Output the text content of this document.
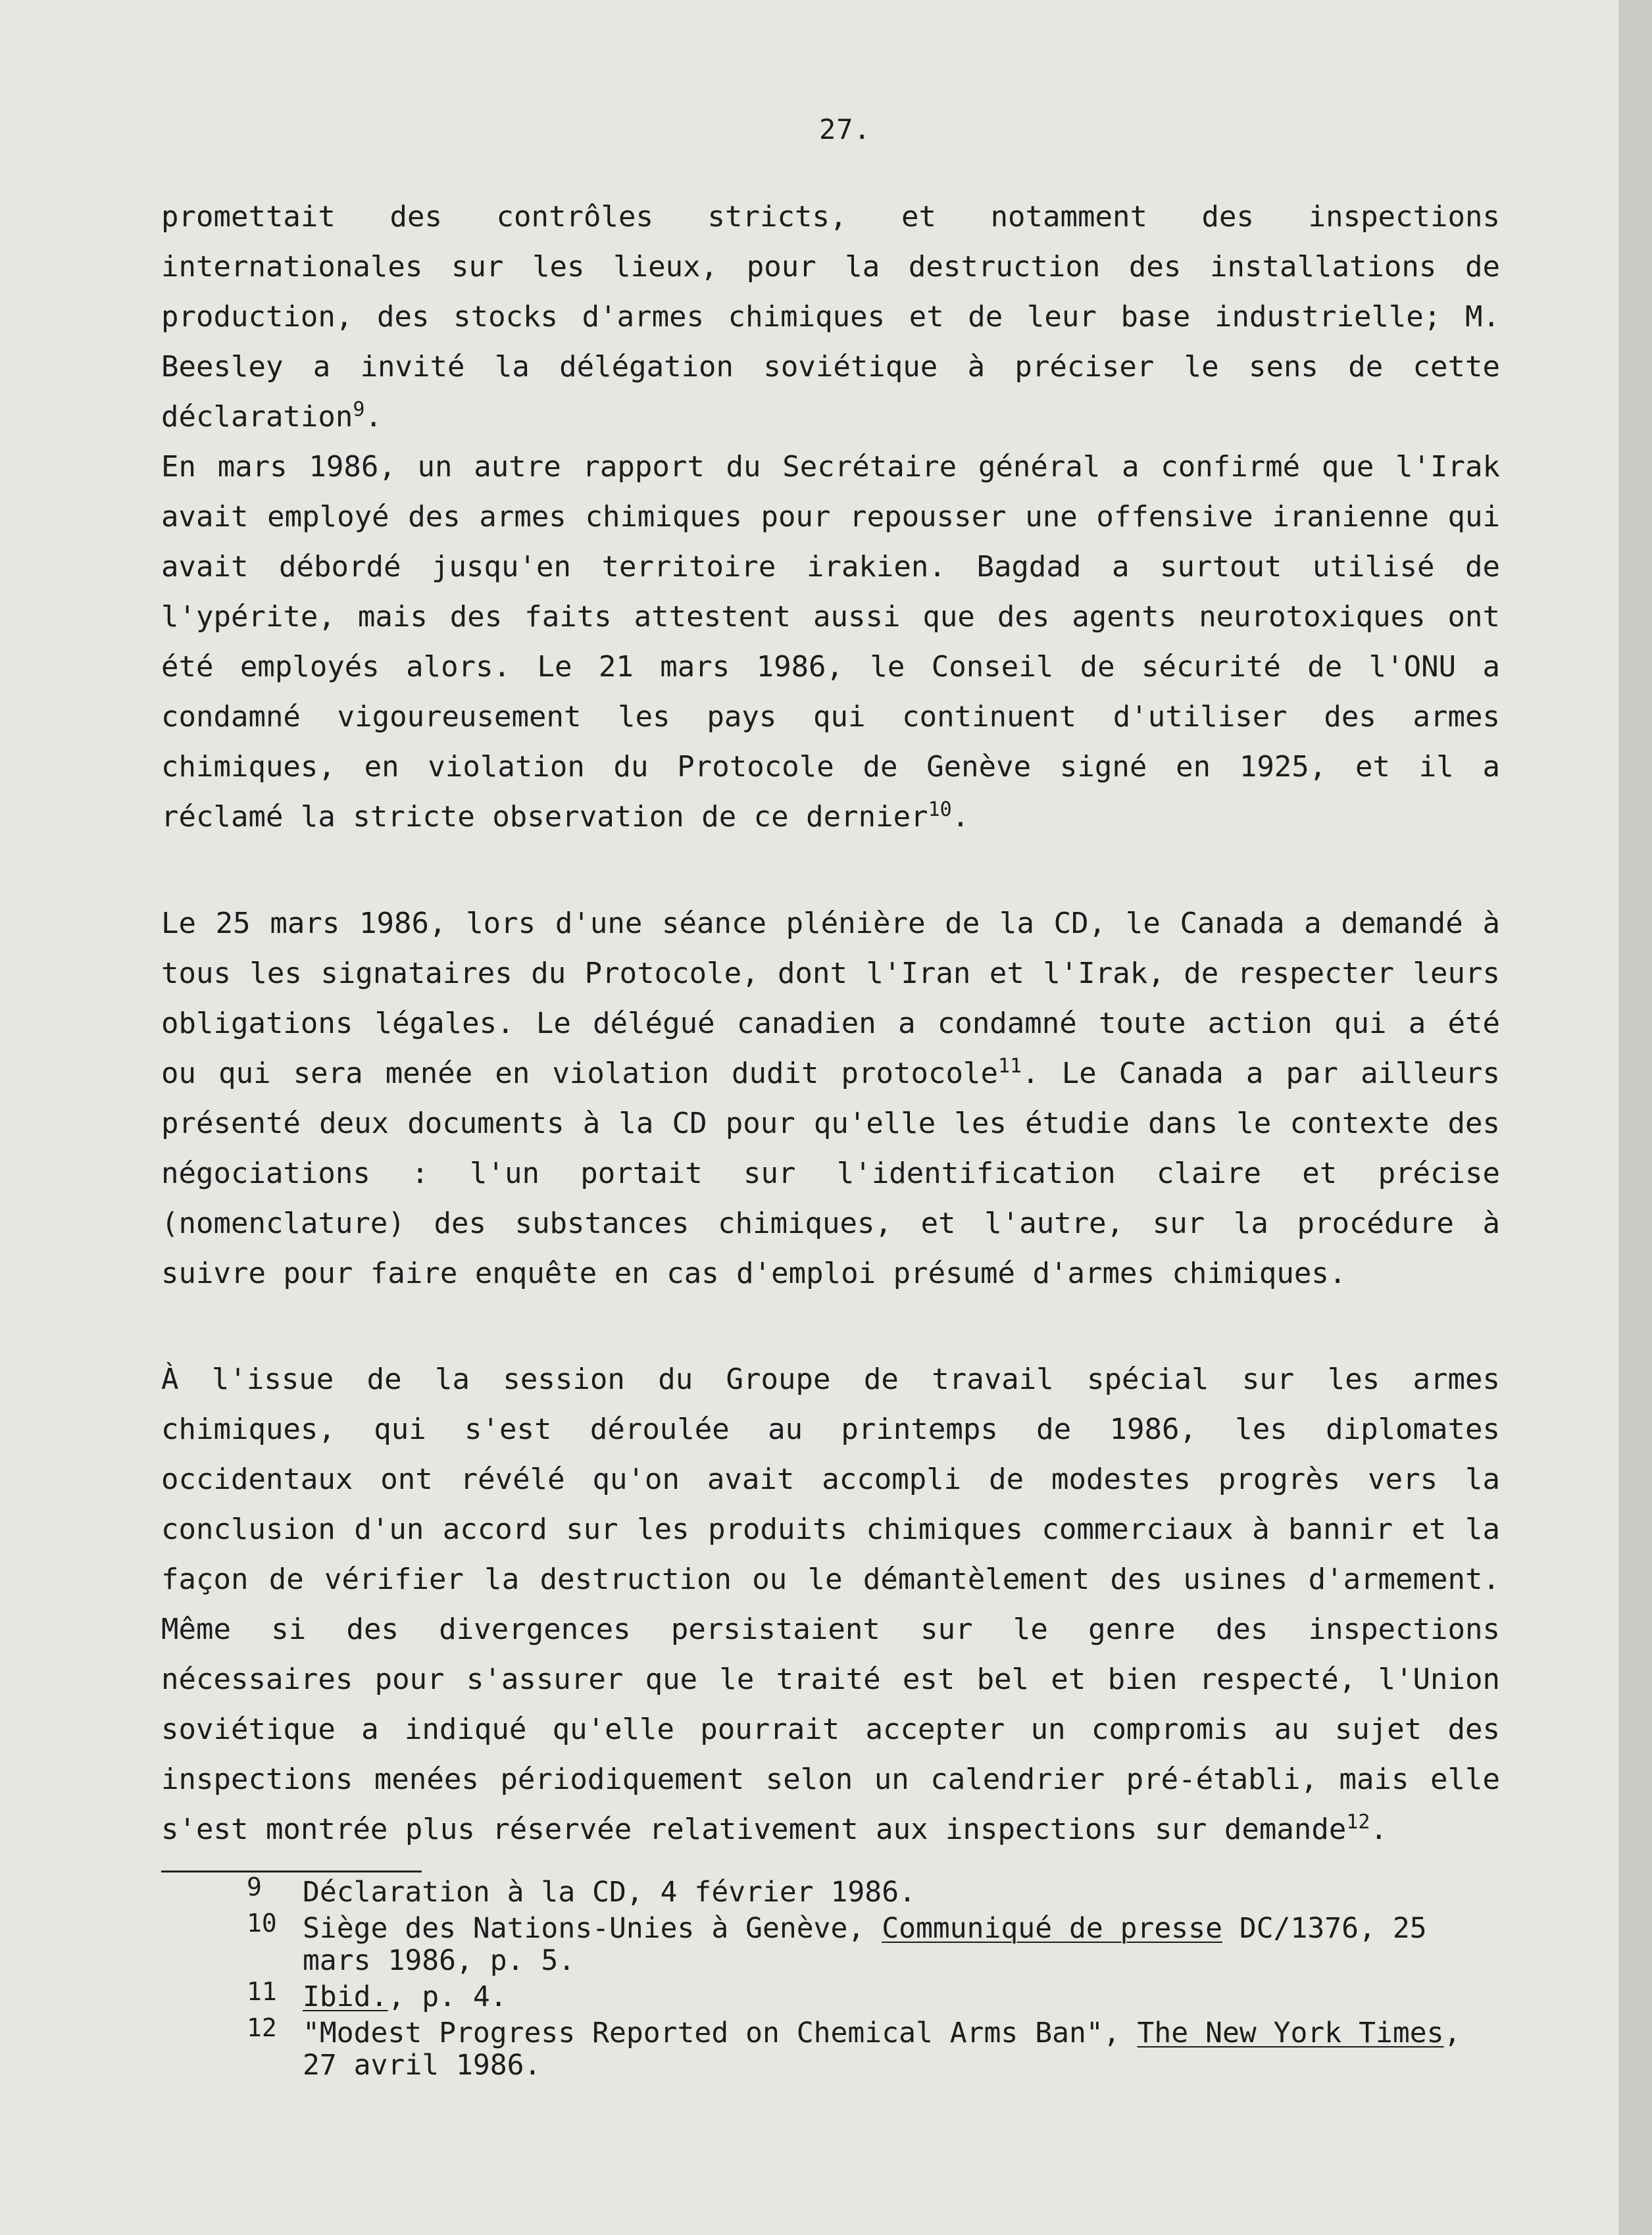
27.

promettait des contrôles stricts, et notamment des inspections internationales sur les lieux, pour la destruction des installations de production, des stocks d'armes chimiques et de leur base industrielle; M. Beesley a invité la délégation soviétique à préciser le sens de cette déclaration$^9$.

En mars 1986, un autre rapport du Secrétaire général a confirmé que l'Irak avait employé des armes chimiques pour repousser une offensive iranienne qui avait débordé jusqu'en territoire irakien. Bagdad a surtout utilisé de l'ypérite, mais des faits attestent aussi que des agents neurotoxiques ont été employés alors. Le 21 mars 1986, le Conseil de sécurité de l'ONU a condamné vigoureusement les pays qui continuent d'utiliser des armes chimiques, en violation du Protocole de Genève signé en 1925, et il a réclamé la stricte observation de ce dernier$^{10}$.

Le 25 mars 1986, lors d'une séance plénière de la CD, le Canada a demandé à tous les signataires du Protocole, dont l'Iran et l'Irak, de respecter leurs obligations légales. Le délégué canadien a condamné toute action qui a été ou qui sera menée en violation dudit protocole$^{11}$. Le Canada a par ailleurs présenté deux documents à la CD pour qu'elle les étudie dans le contexte des négociations : l'un portait sur l'identification claire et précise (nomenclature) des substances chimiques, et l'autre, sur la procédure à suivre pour faire enquête en cas d'emploi présumé d'armes chimiques.

À l'issue de la session du Groupe de travail spécial sur les armes chimiques, qui s'est déroulée au printemps de 1986, les diplomates occidentaux ont révélé qu'on avait accompli de modestes progrès vers la conclusion d'un accord sur les produits chimiques commerciaux à bannir et la façon de vérifier la destruction ou le démantèlement des usines d'armement. Même si des divergences persistaient sur le genre des inspections nécessaires pour s'assurer que le traité est bel et bien respecté, l'Union soviétique a indiqué qu'elle pourrait accepter un compromis au sujet des inspections menées périodiquement selon un calendrier pré-établi, mais elle s'est montrée plus réservée relativement aux inspections sur demande$^{12}$.

9 Déclaration à la CD, 4 février 1986.
10 Siège des Nations-Unies à Genève, Communiqué de presse DC/1376, 25 mars 1986, p. 5.
11 Ibid., p. 4.
12 "Modest Progress Reported on Chemical Arms Ban", The New York Times, 27 avril 1986.
